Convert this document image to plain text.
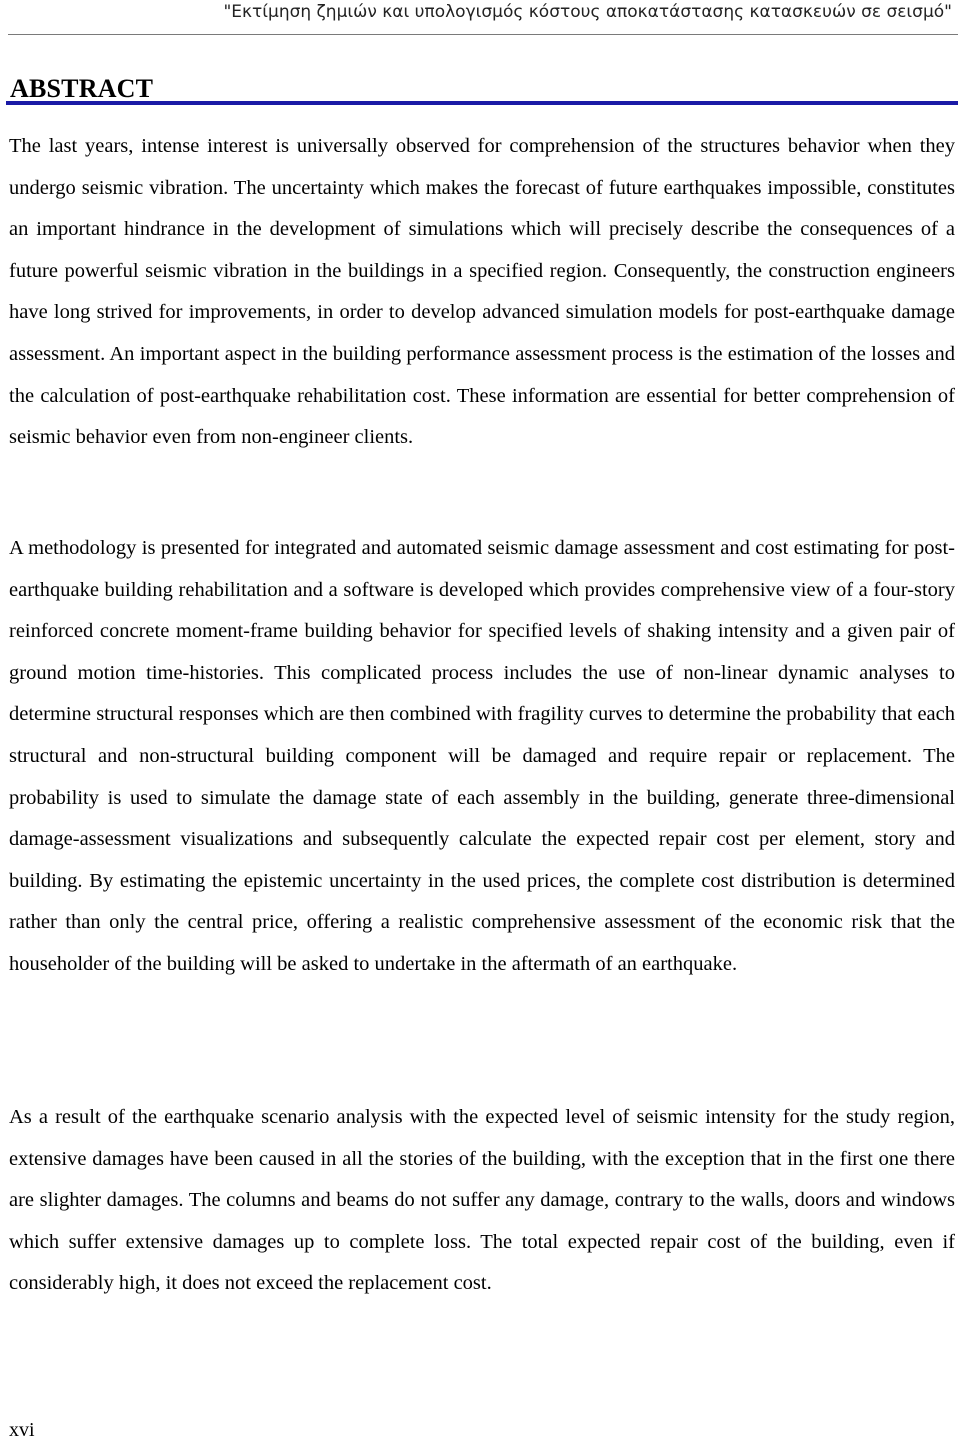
"Εκτίμηση ζημιών και υπολογισμός κόστους αποκατάστασης κατασκευών σε σεισμό"
ABSTRACT

The last years, intense interest is universally observed for comprehension of the structures behavior when they undergo seismic vibration. The uncertainty which makes the forecast of future earthquakes impossible, constitutes an important hindrance in the development of simulations which will precisely describe the consequences of a future powerful seismic vibration in the buildings in a specified region. Consequently, the construction engineers have long strived for improvements, in order to develop advanced simulation models for post-earthquake damage assessment. An important aspect in the building performance assessment process is the estimation of the losses and the calculation of post-earthquake rehabilitation cost. These information are essential for better comprehension of seismic behavior even from non-engineer clients.

A methodology is presented for integrated and automated seismic damage assessment and cost estimating for post-earthquake building rehabilitation and a software is developed which provides comprehensive view of a four-story reinforced concrete moment-frame building behavior for specified levels of shaking intensity and a given pair of ground motion time-histories. This complicated process includes the use of non-linear dynamic analyses to determine structural responses which are then combined with fragility curves to determine the probability that each structural and non-structural building component will be damaged and require repair or replacement. The probability is used to simulate the damage state of each assembly in the building, generate three-dimensional damage-assessment visualizations and subsequently calculate the expected repair cost per element, story and building. By estimating the epistemic uncertainty in the used prices, the complete cost distribution is determined rather than only the central price, offering a realistic comprehensive assessment of the economic risk that the householder of the building will be asked to undertake in the aftermath of an earthquake.

As a result of the earthquake scenario analysis with the expected level of seismic intensity for the study region, extensive damages have been caused in all the stories of the building, with the exception that in the first one there are slighter damages. The columns and beams do not suffer any damage, contrary to the walls, doors and windows which suffer extensive damages up to complete loss. The total expected repair cost of the building, even if considerably high, it does not exceed the replacement cost.

xvi
